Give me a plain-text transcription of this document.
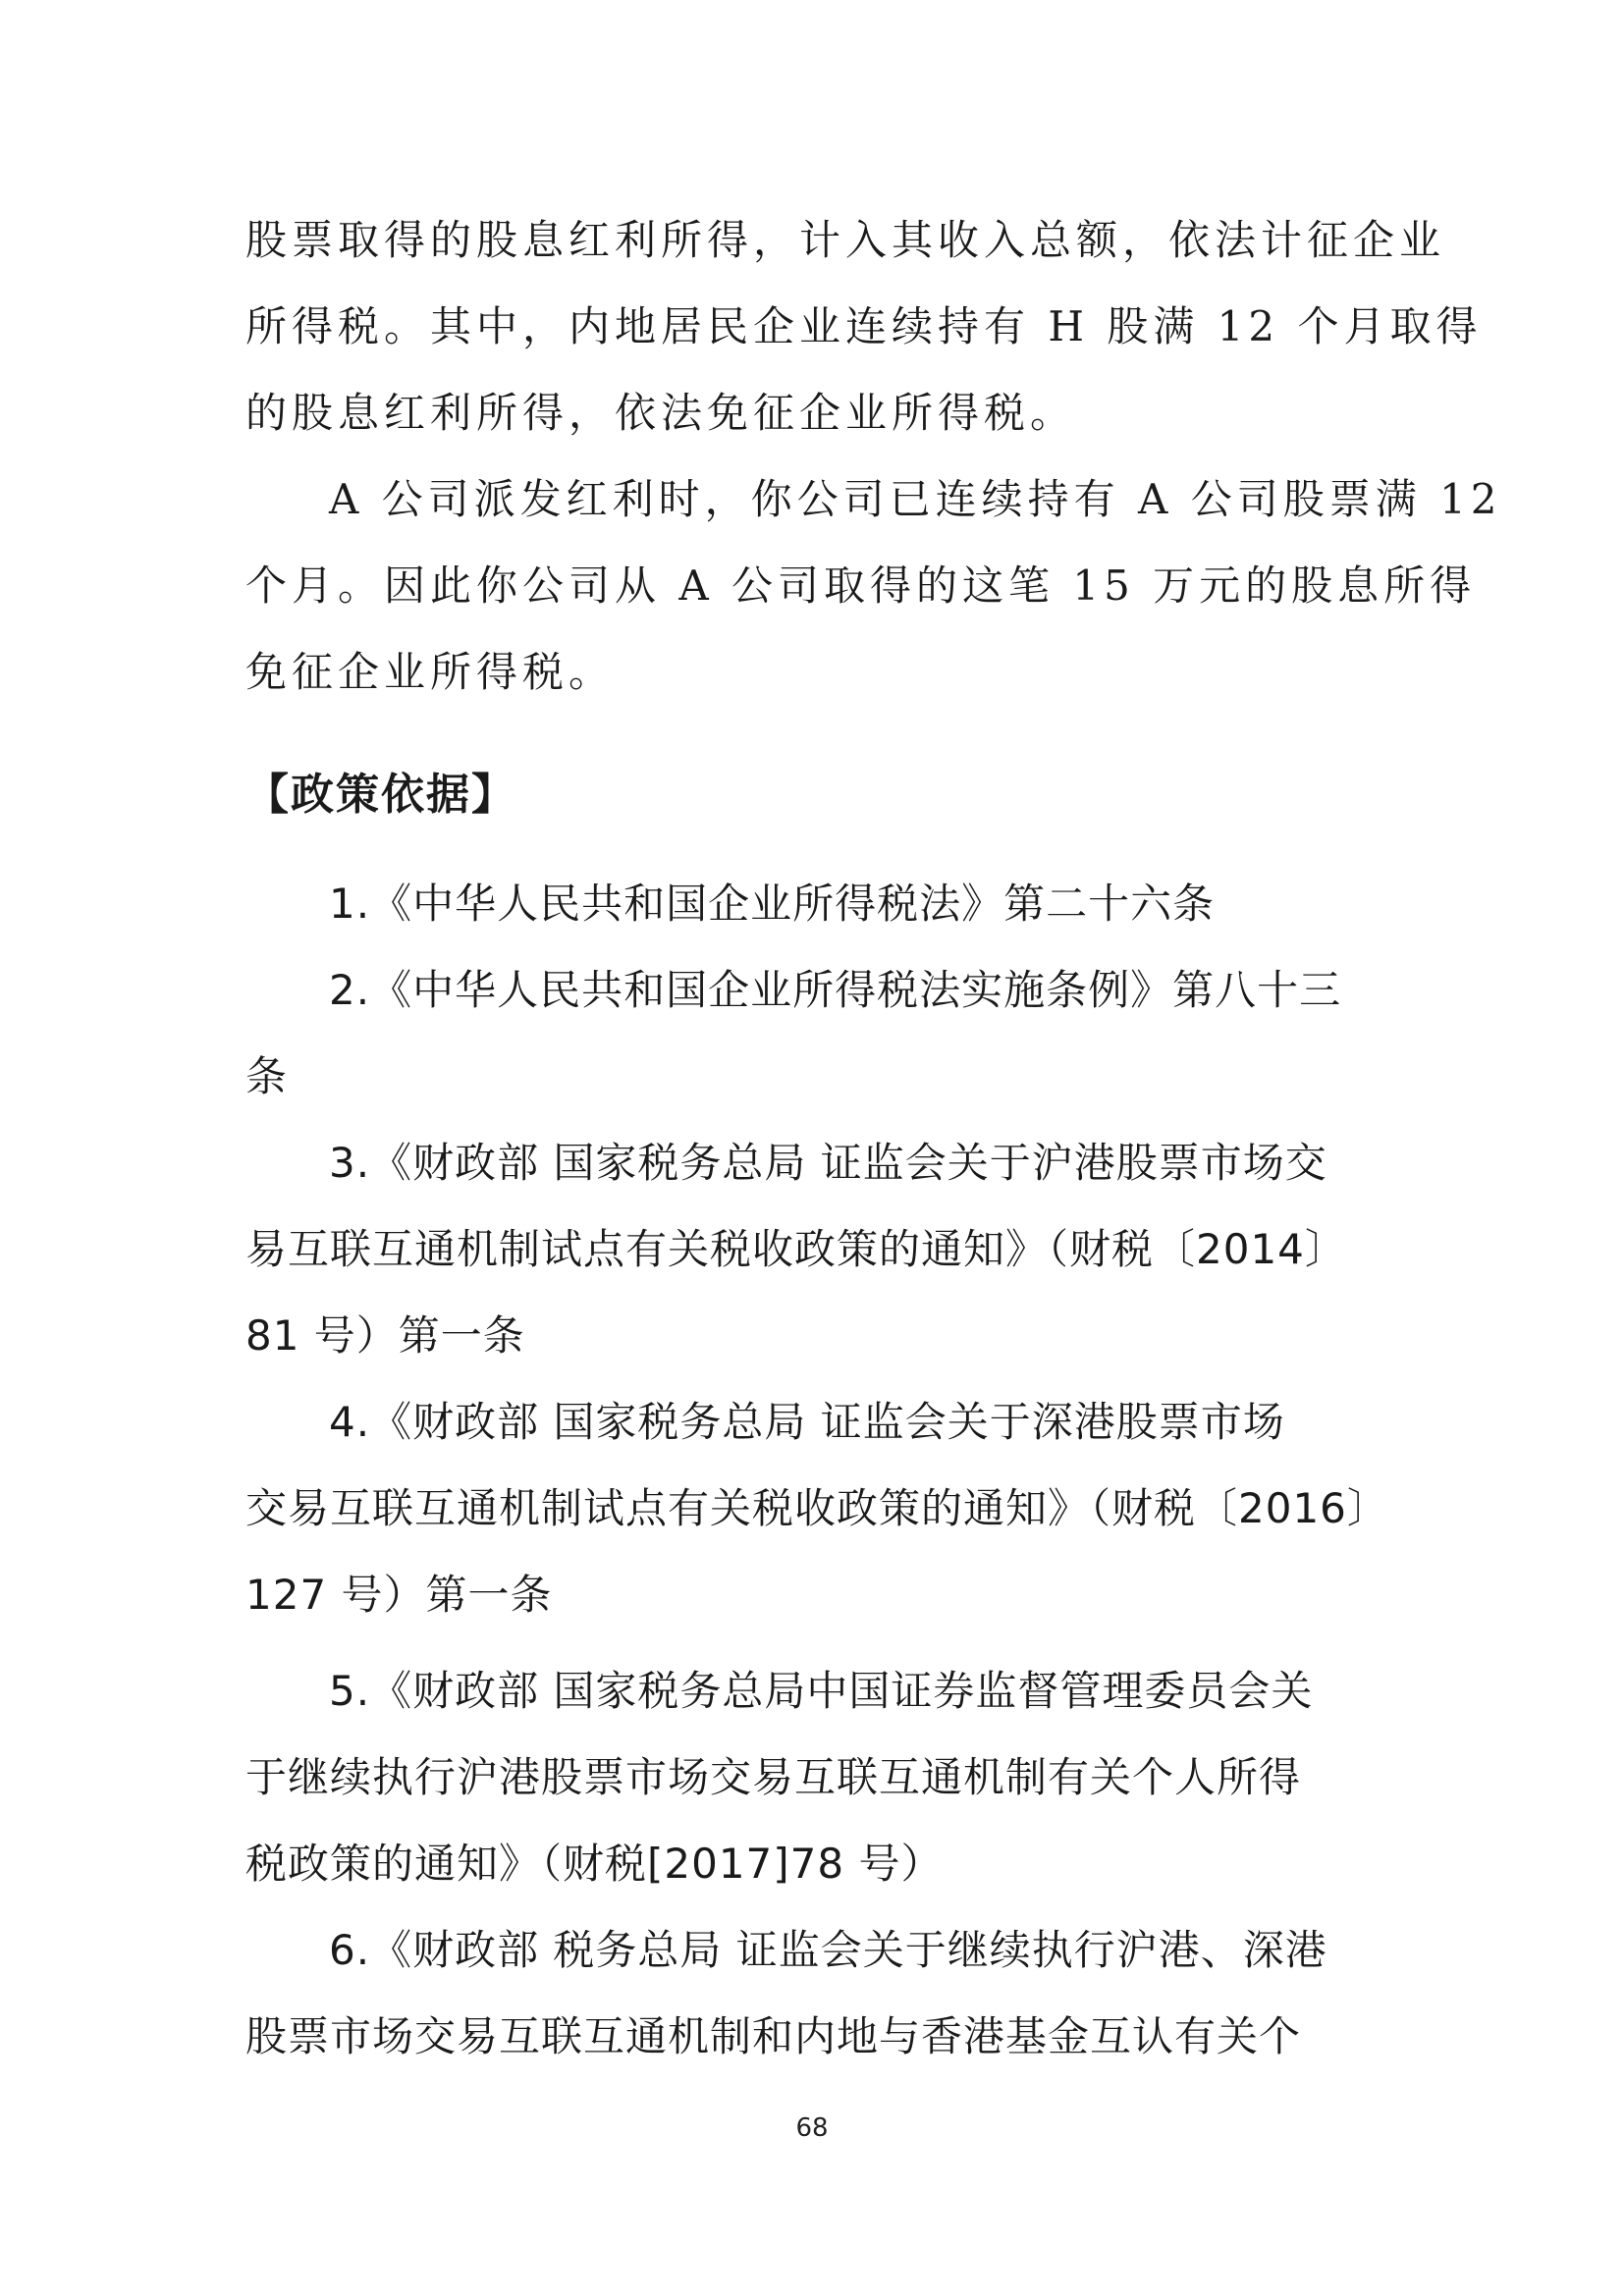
股票取得的股息红利所得，计入其收入总额，依法计征企业
所得税。其中，内地居民企业连续持有 H 股满 12 个月取得
的股息红利所得，依法免征企业所得税。
A 公司派发红利时，你公司已连续持有 A 公司股票满 12
个月。因此你公司从 A 公司取得的这笔 15 万元的股息所得
免征企业所得税。
【政策依据】
1.《中华人民共和国企业所得税法》第二十六条
2.《中华人民共和国企业所得税法实施条例》第八十三
条
3.《财政部 国家税务总局 证监会关于沪港股票市场交
易互联互通机制试点有关税收政策的通知》（财税〔2014〕
81 号）第一条
4.《财政部 国家税务总局 证监会关于深港股票市场
交易互联互通机制试点有关税收政策的通知》（财税〔2016〕
127 号）第一条
5.《财政部 国家税务总局中国证券监督管理委员会关
于继续执行沪港股票市场交易互联互通机制有关个人所得
税政策的通知》（财税[2017]78 号）
6.《财政部 税务总局 证监会关于继续执行沪港、深港
股票市场交易互联互通机制和内地与香港基金互认有关个
68
